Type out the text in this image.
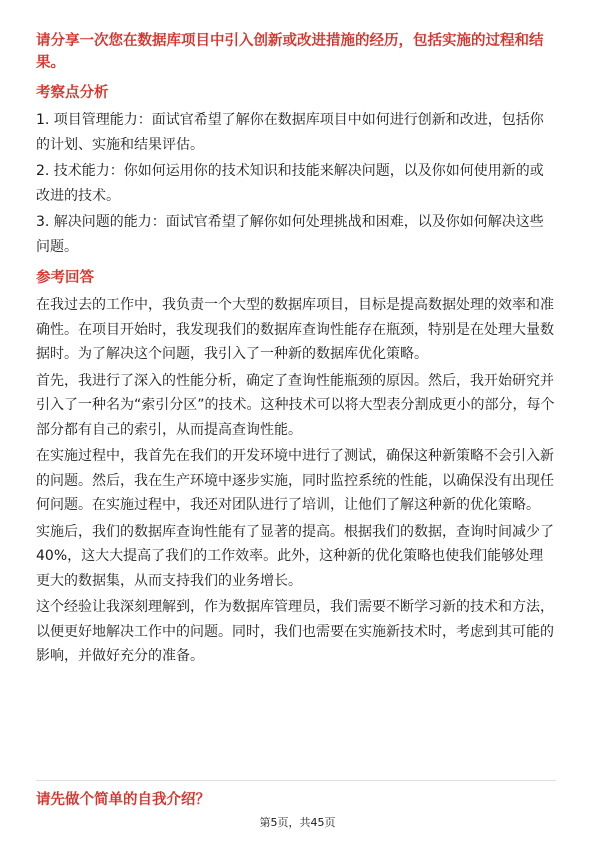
请分享一次您在数据库项目中引入创新或改进措施的经历，包括实施的过程和结果。
考察点分析
1. 项目管理能力：面试官希望了解你在数据库项目中如何进行创新和改进，包括你的计划、实施和结果评估。
2. 技术能力：你如何运用你的技术知识和技能来解决问题，以及你如何使用新的或改进的技术。
3. 解决问题的能力：面试官希望了解你如何处理挑战和困难，以及你如何解决这些问题。
参考回答
在我过去的工作中，我负责一个大型的数据库项目，目标是提高数据处理的效率和准确性。在项目开始时，我发现我们的数据库查询性能存在瓶颈，特别是在处理大量数据时。为了解决这个问题，我引入了一种新的数据库优化策略。
首先，我进行了深入的性能分析，确定了查询性能瓶颈的原因。然后，我开始研究并引入了一种名为“索引分区”的技术。这种技术可以将大型表分割成更小的部分，每个部分都有自己的索引，从而提高查询性能。
在实施过程中，我首先在我们的开发环境中进行了测试，确保这种新策略不会引入新的问题。然后，我在生产环境中逐步实施，同时监控系统的性能，以确保没有出现任何问题。在实施过程中，我还对团队进行了培训，让他们了解这种新的优化策略。
实施后，我们的数据库查询性能有了显著的提高。根据我们的数据，查询时间减少了40%，这大大提高了我们的工作效率。此外，这种新的优化策略也使我们能够处理更大的数据集，从而支持我们的业务增长。
这个经验让我深刻理解到，作为数据库管理员，我们需要不断学习新的技术和方法，以便更好地解决工作中的问题。同时，我们也需要在实施新技术时，考虑到其可能的影响，并做好充分的准备。
请先做个简单的自我介绍？
第5页，共45页
